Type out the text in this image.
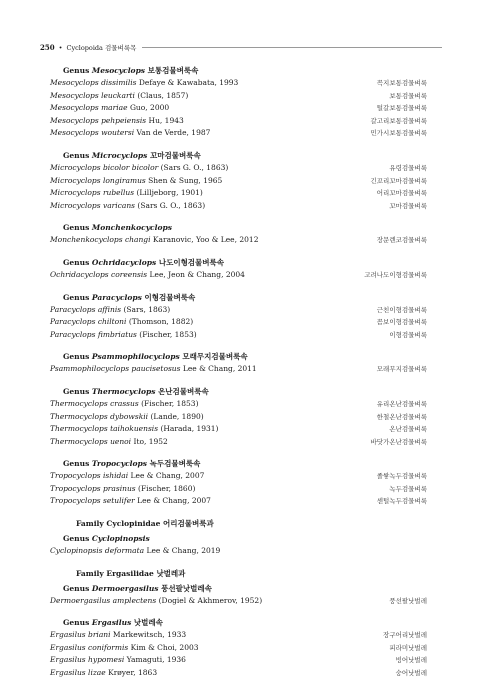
250 • Cyclopoida 검물벼룩목
Genus Mesocyclops 보통검물벼룩속
Mesocyclops dissimilis Defaye & Kawabata, 1993	꼭지보통검물벼룩
Mesocyclops leuckarti (Claus, 1857)	보통검물벼룩
Mesocyclops mariae Guo, 2000	털갈보통검물벼룩
Mesocyclops pehpeiensis Hu, 1943	갈고리보통검물벼룩
Mesocyclops woutersi Van de Verde, 1987	민가시보통검물벼룩
Genus Microcyclops 꼬마검물벼룩속
Microcyclops bicolor bicolor (Sars G. O., 1863)	유령검물벼룩
Microcyclops longiramus Shen & Sung, 1965	긴꼬리꼬마검물벼룩
Microcyclops rubellus (Lilljeborg, 1901)	어리꼬마검물벼룩
Microcyclops varicans (Sars G. O., 1863)	꼬마검물벼룩
Genus Monchenkocyclops
Monchenkocyclops changi Karanovic, Yoo & Lee, 2012	장문렌코검물벼룩
Genus Ochridacyclops 나도이형검물벼룩속
Ochridacyclops coreensis Lee, Jeon & Chang, 2004	고려나도이형검물벼룩
Genus Paracyclops 이형검물벼룩속
Paracyclops affinis (Sars, 1863)	근친이형검물벼룩
Paracyclops chiltoni (Thomson, 1882)	꼼보이형검물벼룩
Paracyclops fimbriatus (Fischer, 1853)	이형검물벼룩
Genus Psammophilocyclops 모래무지검물벼룩속
Psammophilocyclops paucisetosus Lee & Chang, 2011	모래무지검물벼룩
Genus Thermocyclops 온난검물벼룩속
Thermocyclops crassus (Fischer, 1853)	유리온난검물벼룩
Thermocyclops dybowskii (Lande, 1890)	한철온난검물벼룩
Thermocyclops taihokuensis (Harada, 1931)	온난검물벼룩
Thermocyclops uenoi Ito, 1952	바닷가온난검물벼룩
Genus Tropocyclops 녹두검물벼룩속
Tropocyclops ishidai Lee & Chang, 2007	졸쌓녹두검물벼룩
Tropocyclops prasinus (Fischer, 1860)	녹두검물벼룩
Tropocyclops setulifer Lee & Chang, 2007	센털녹두검물벼룩
Family Cyclopinidae 어리검물벼룩과
Genus Cyclopinopsis
Cyclopinopsis deformata Lee & Chang, 2019
Family Ergasilidae 낫벌레과
Genus Dermoergasilus 풍선팔낫벌레속
Dermoergasilus amplectens (Dogiel & Akhmerov, 1952)	풍선팔낫벌레
Genus Ergasilus 낫벌레속
Ergasilus briani Markewitsch, 1933	장구어리낫벌레
Ergasilus coniformis Kim & Choi, 2003	피라미낫벌레
Ergasilus hypomesi Yamaguti, 1936	빙어낫벌레
Ergasilus lizae Krøyer, 1863	숭어낫벌레
